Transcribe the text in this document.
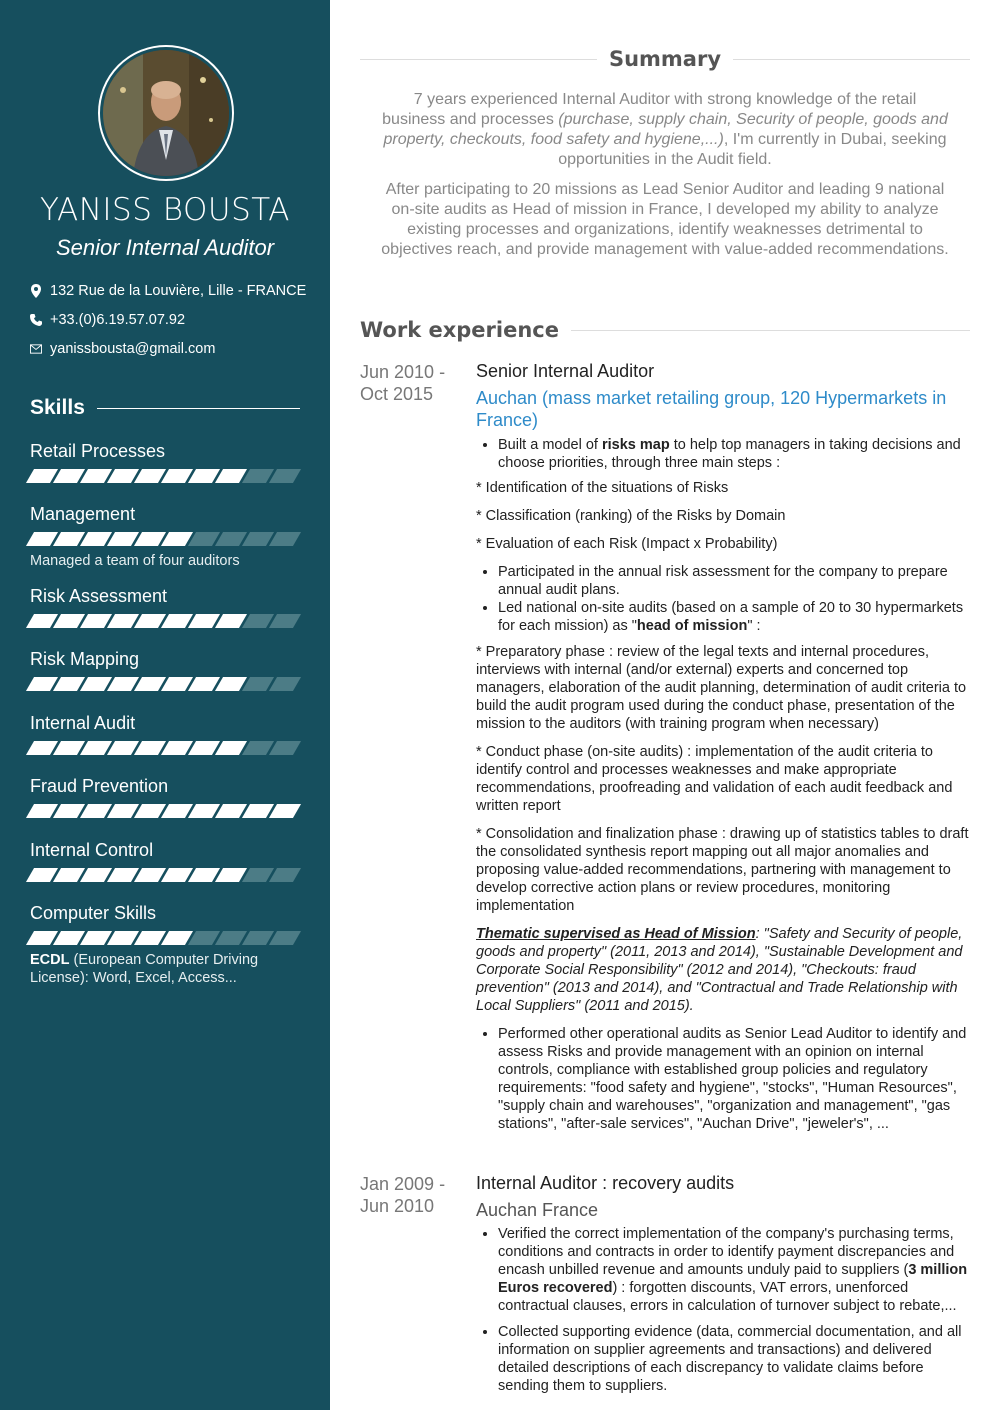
YANISS BOUSTA
Senior Internal Auditor
132 Rue de la Louvière, Lille - FRANCE
+33.(0)6.19.57.07.92
yanissbousta@gmail.com
Skills
Retail Processes
Management
Managed a team of four auditors
Risk Assessment
Risk Mapping
Internal Audit
Fraud Prevention
Internal Control
Computer Skills
ECDL (European Computer Driving License): Word, Excel, Access...
Summary

7 years experienced Internal Auditor with strong knowledge of the retail business and processes (purchase, supply chain, Security of people, goods and property, checkouts, food safety and hygiene,...), I'm currently in Dubai, seeking opportunities in the Audit field.

After participating to 20 missions as Lead Senior Auditor and leading 9 national on-site audits as Head of mission in France, I developed my ability to analyze existing processes and organizations, identify weaknesses detrimental to objectives reach, and provide management with value-added recommendations.

Work experience
Jun 2010 -
Oct 2015
Senior Internal Auditor
Auchan (mass market retailing group, 120 Hypermarkets in France)
• Built a model of risks map to help top managers in taking decisions and choose priorities, through three main steps :
* Identification of the situations of Risks
* Classification (ranking) of the Risks by Domain
* Evaluation of each Risk (Impact x Probability)
• Participated in the annual risk assessment for the company to prepare annual audit plans.
• Led national on-site audits (based on a sample of 20 to 30 hypermarkets for each mission) as "head of mission" :
* Preparatory phase : review of the legal texts and internal procedures, interviews with internal (and/or external) experts and concerned top managers, elaboration of the audit planning, determination of audit criteria to build the audit program used during the conduct phase, presentation of the mission to the auditors (with training program when necessary)
* Conduct phase (on-site audits) : implementation of the audit criteria to identify control and processes weaknesses and make appropriate recommendations, proofreading and validation of each audit feedback and written report
* Consolidation and finalization phase : drawing up of statistics tables to draft the consolidated synthesis report mapping out all major anomalies and proposing value-added recommendations, partnering with management to develop corrective action plans or review procedures, monitoring implementation
Thematic supervised as Head of Mission: "Safety and Security of people, goods and property" (2011, 2013 and 2014), "Sustainable Development and Corporate Social Responsibility" (2012 and 2014), "Checkouts: fraud prevention" (2013 and 2014), and "Contractual and Trade Relationship with Local Suppliers" (2011 and 2015).
• Performed other operational audits as Senior Lead Auditor to identify and assess Risks and provide management with an opinion on internal controls, compliance with established group policies and regulatory requirements: "food safety and hygiene", "stocks", "Human Resources", "supply chain and warehouses", "organization and management", "gas stations", "after-sale services", "Auchan Drive", "jeweler's", ...
Jan 2009 -
Jun 2010
Internal Auditor : recovery audits
Auchan France
• Verified the correct implementation of the company's purchasing terms, conditions and contracts in order to identify payment discrepancies and encash unbilled revenue and amounts unduly paid to suppliers (3 million Euros recovered) : forgotten discounts, VAT errors, unenforced contractual clauses, errors in calculation of turnover subject to rebate,...
• Collected supporting evidence (data, commercial documentation, and all information on supplier agreements and transactions) and delivered detailed descriptions of each discrepancy to validate claims before sending them to suppliers.
